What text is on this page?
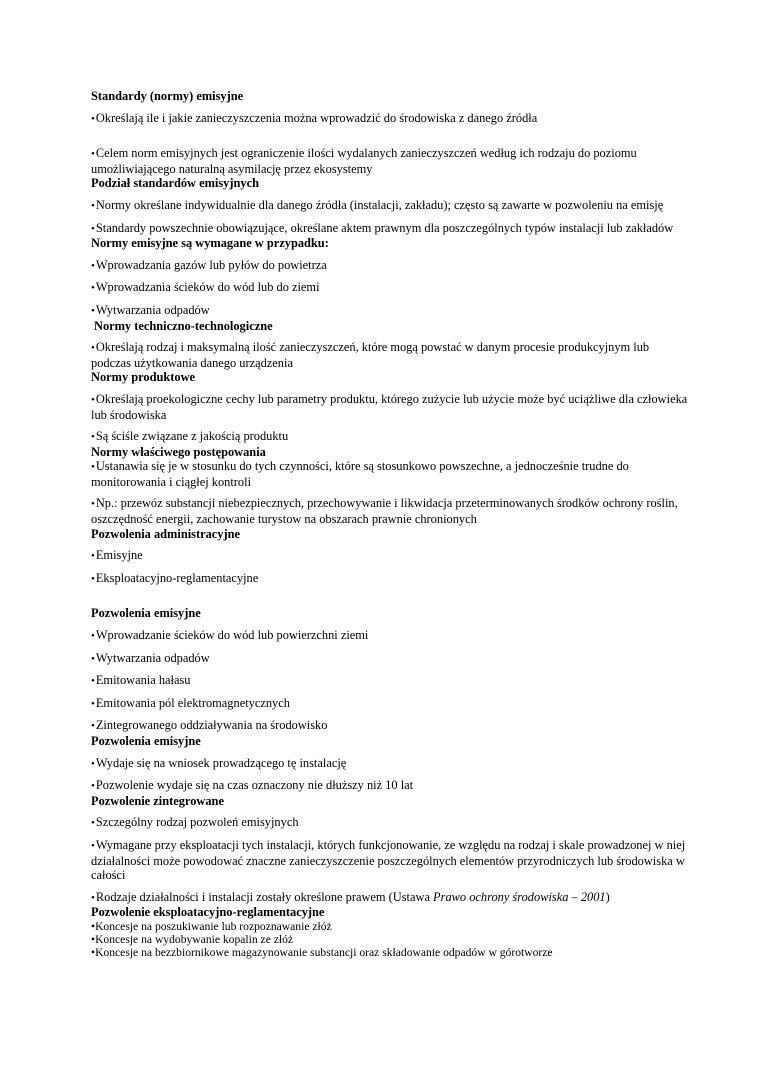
Standardy (normy) emisyjne
•Określają ile i jakie zanieczyszczenia można wprowadzić do środowiska z danego źródła
•Celem norm emisyjnych jest ograniczenie ilości wydalanych zanieczyszczeń według ich rodzaju do poziomu umożliwiającego naturalną asymilację przez ekosystemy
Podział standardów emisyjnych
•Normy określane indywidualnie dla danego źródła (instalacji, zakładu); często są zawarte w pozwoleniu na emisję
•Standardy powszechnie obowiązujące, określane aktem prawnym dla poszczególnych typów instalacji lub zakładów
Normy emisyjne są wymagane w przypadku:
•Wprowadzania gazów lub pyłów do powietrza
•Wprowadzania ścieków do wód lub do ziemi
•Wytwarzania odpadów
Normy techniczno-technologiczne
•Określają rodzaj i maksymalną ilość zanieczyszczeń, które mogą powstać w danym procesie produkcyjnym lub podczas użytkowania danego urządzenia
Normy produktowe
•Określają proekologiczne cechy lub parametry produktu, którego zużycie lub użycie może być uciążliwe dla człowieka lub środowiska
•Są ściśle związane z jakością produktu
Normy właściwego postępowania
•Ustanawia się je w stosunku do tych czynności, które są stosunkowo powszechne, a jednocześnie trudne do monitorowania i ciągłej kontroli
•Np.: przewóz substancji niebezpiecznych, przechowywanie i likwidacja przeterminowanych środków ochrony roślin, oszczędność energii, zachowanie turystow na obszarach prawnie chronionych
Pozwolenia administracyjne
•Emisyjne
•Eksploatacyjno-reglamentacyjne
Pozwolenia emisyjne
•Wprowadzanie ścieków do wód lub powierzchni ziemi
•Wytwarzania odpadów
•Emitowania hałasu
•Emitowania pól elektromagnetycznych
•Zintegrowanego oddziaływania na środowisko
Pozwolenia emisyjne
•Wydaje się na wniosek prowadzącego tę instalację
•Pozwolenie wydaje się na czas oznaczony nie dłuższy niż 10 lat
Pozwolenie zintegrowane
•Szczególny rodzaj pozwoleń emisyjnych
•Wymagane przy eksploatacji tych instalacji, których funkcjonowanie, ze względu na rodzaj i skale prowadzonej w niej działalności może powodować znaczne zanieczyszczenie poszczególnych elementów przyrodniczych lub środowiska w całości
•Rodzaje działalności i instalacji zostały określone prawem (Ustawa Prawo ochrony środowiska – 2001)
Pozwolenie eksploatacyjno-reglamentacyjne
•Koncesje na poszukiwanie lub rozpoznawanie złóż
•Koncesje na wydobywanie kopalin ze złóż
•Koncesje na bezzbiornikowe magazynowanie substancji oraz składowanie odpadów w górotworze
